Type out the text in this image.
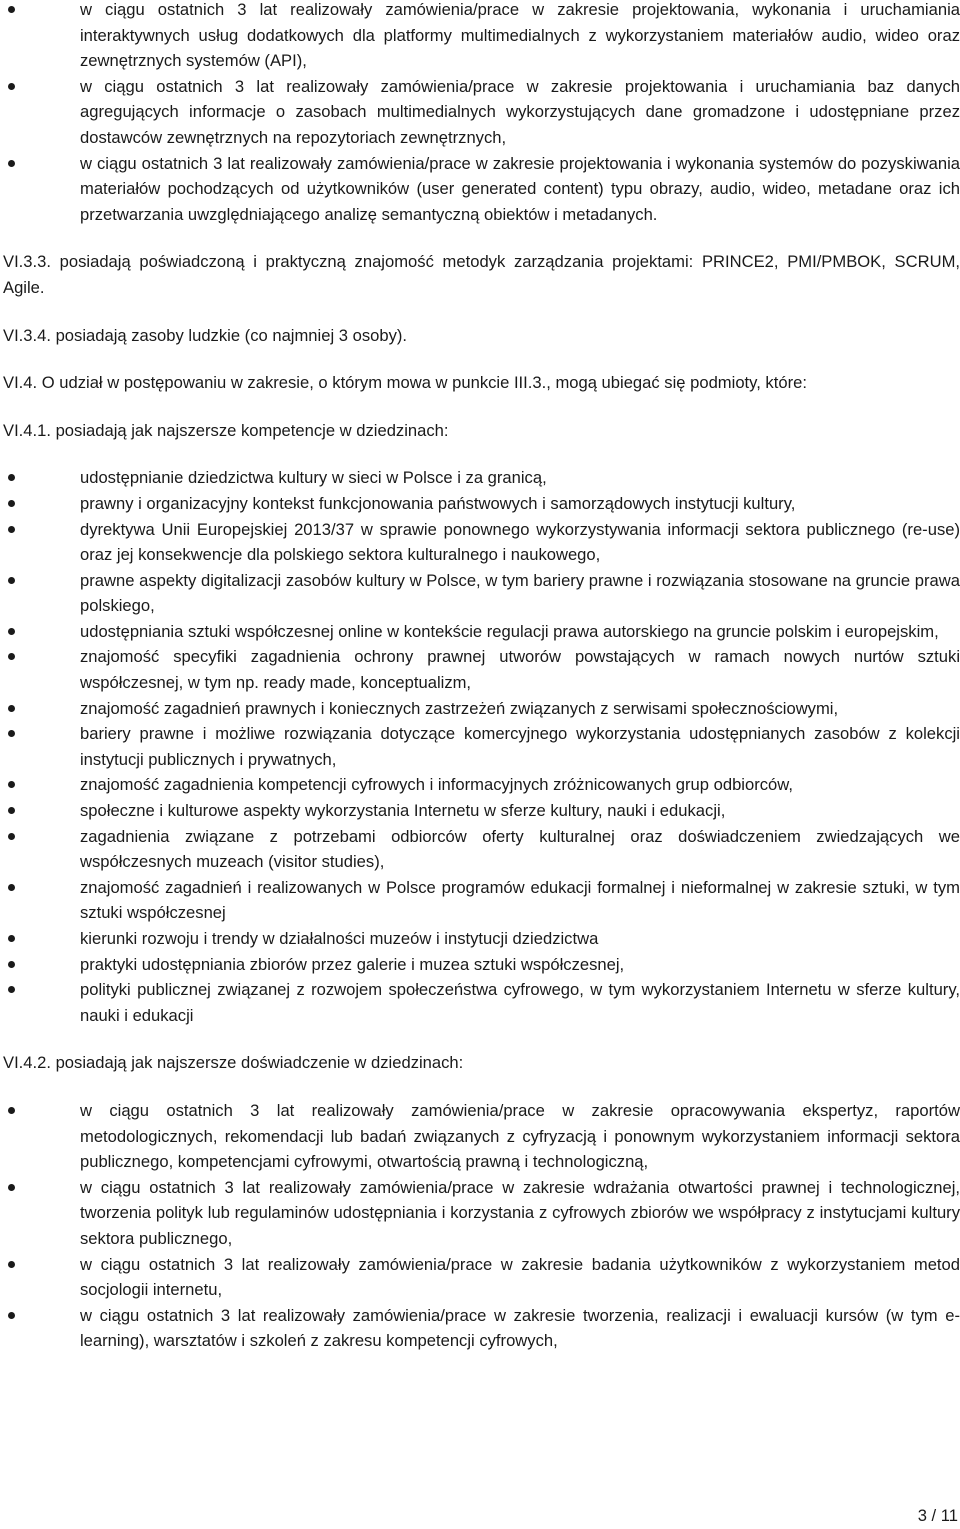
w ciągu ostatnich 3 lat realizowały zamówienia/prace w zakresie projektowania, wykonania i uruchamiania interaktywnych usług dodatkowych dla platformy multimedialnych z wykorzystaniem materiałów audio, wideo oraz zewnętrznych systemów (API),
w ciągu ostatnich 3 lat realizowały zamówienia/prace w zakresie projektowania i uruchamiania baz danych agregujących informacje o zasobach multimedialnych wykorzystujących dane gromadzone i udostępniane przez dostawców zewnętrznych na repozytoriach zewnętrznych,
w ciągu ostatnich 3 lat realizowały zamówienia/prace w zakresie projektowania i wykonania systemów do pozyskiwania materiałów pochodzących od użytkowników (user generated content) typu obrazy, audio, wideo, metadane oraz ich przetwarzania uwzględniającego analizę semantyczną obiektów i metadanych.

VI.3.3. posiadają poświadczoną i praktyczną znajomość metodyk zarządzania projektami: PRINCE2, PMI/PMBOK, SCRUM, Agile.

VI.3.4. posiadają zasoby ludzkie (co najmniej 3 osoby).

VI.4. O udział w postępowaniu w zakresie, o którym mowa w punkcie III.3., mogą ubiegać się podmioty, które:

VI.4.1. posiadają jak najszersze kompetencje w dziedzinach:

udostępnianie dziedzictwa kultury w sieci w Polsce i za granicą,
prawny i organizacyjny kontekst funkcjonowania państwowych i samorządowych instytucji kultury,
dyrektywa Unii Europejskiej 2013/37 w sprawie ponownego wykorzystywania informacji sektora publicznego (re-use) oraz jej konsekwencje dla polskiego sektora kulturalnego i naukowego,
prawne aspekty digitalizacji zasobów kultury w Polsce, w tym bariery prawne i rozwiązania stosowane na gruncie prawa polskiego,
udostępniania sztuki współczesnej online w kontekście regulacji prawa autorskiego na gruncie polskim i europejskim,
znajomość specyfiki zagadnienia ochrony prawnej utworów powstających w ramach nowych nurtów sztuki współczesnej, w tym np. ready made, konceptualizm,
znajomość zagadnień prawnych i koniecznych zastrzeżeń związanych z serwisami społecznościowymi,
bariery prawne i możliwe rozwiązania dotyczące komercyjnego wykorzystania udostępnianych zasobów z kolekcji instytucji publicznych i prywatnych,
znajomość zagadnienia kompetencji cyfrowych i informacyjnych zróżnicowanych grup odbiorców,
społeczne i kulturowe aspekty wykorzystania Internetu w sferze kultury, nauki i edukacji,
zagadnienia związane z potrzebami odbiorców oferty kulturalnej oraz doświadczeniem zwiedzających we współczesnych muzeach (visitor studies),
znajomość zagadnień i realizowanych w Polsce programów edukacji formalnej i nieformalnej w zakresie sztuki, w tym sztuki współczesnej
kierunki rozwoju i trendy w działalności muzeów i instytucji dziedzictwa
praktyki udostępniania zbiorów przez galerie i muzea sztuki współczesnej,
polityki publicznej związanej z rozwojem społeczeństwa cyfrowego, w tym wykorzystaniem Internetu w sferze kultury, nauki i edukacji

VI.4.2. posiadają jak najszersze doświadczenie w dziedzinach:

w ciągu ostatnich 3 lat realizowały zamówienia/prace w zakresie opracowywania ekspertyz, raportów metodologicznych, rekomendacji lub badań związanych z cyfryzacją i ponownym wykorzystaniem informacji sektora publicznego, kompetencjami cyfrowymi, otwartością prawną i technologiczną,
w ciągu ostatnich 3 lat realizowały zamówienia/prace w zakresie wdrażania otwartości prawnej i technologicznej, tworzenia polityk lub regulaminów udostępniania i korzystania z cyfrowych zbiorów we współpracy z instytucjami kultury sektora publicznego,
w ciągu ostatnich 3 lat realizowały zamówienia/prace w zakresie badania użytkowników z wykorzystaniem metod socjologii internetu,
w ciągu ostatnich 3 lat realizowały zamówienia/prace w zakresie tworzenia, realizacji i ewaluacji kursów (w tym e-learning), warsztatów i szkoleń z zakresu kompetencji cyfrowych,
3 / 11
